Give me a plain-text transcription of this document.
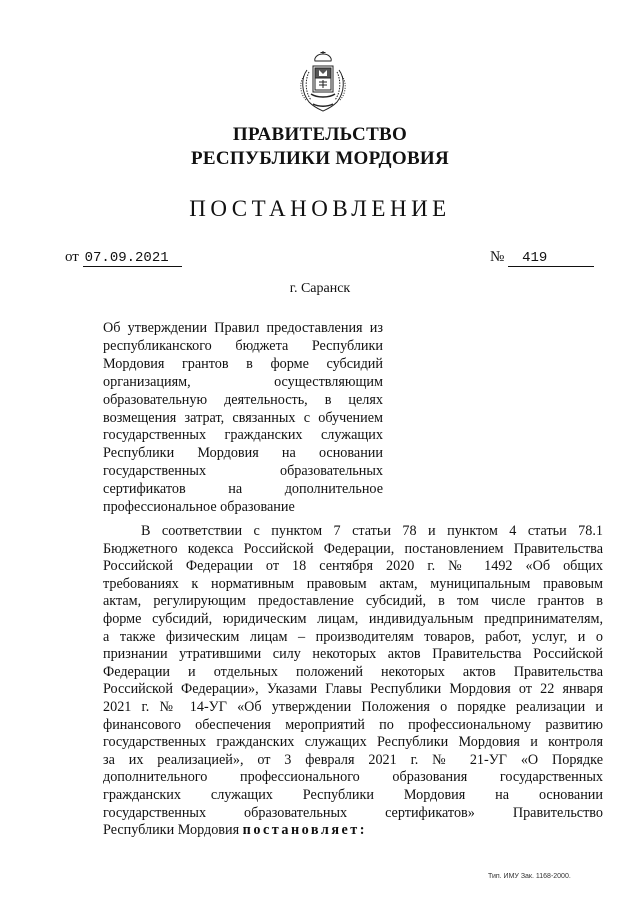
ПРАВИТЕЛЬСТВО
РЕСПУБЛИКИ МОРДОВИЯ
ПОСТАНОВЛЕНИЕ
от 07.09.2021	№ 419
г. Саранск
Об утверждении Правил предоставления из
республиканского бюджета Республики
Мордовия грантов в форме субсидий
организациям, осуществляющим
образовательную деятельность, в целях
возмещения затрат, связанных с обучением
государственных гражданских служащих
Республики Мордовия на основании
государственных образовательных
сертификатов на дополнительное
профессиональное образование
В соответствии с пунктом 7 статьи 78 и пунктом 4 статьи 78.1
Бюджетного кодекса Российской Федерации, постановлением Правительства
Российской Федерации от 18 сентября 2020 г. № 1492 «Об общих
требованиях к нормативным правовым актам, муниципальным правовым
актам, регулирующим предоставление субсидий, в том числе грантов в
форме субсидий, юридическим лицам, индивидуальным предпринимателям,
а также физическим лицам – производителям товаров, работ, услуг, и о
признании утратившими силу некоторых актов Правительства Российской
Федерации и отдельных положений некоторых актов Правительства
Российской Федерации», Указами Главы Республики Мордовия от 22 января
2021 г. № 14-УГ «Об утверждении Положения о порядке реализации и
финансового обеспечения мероприятий по профессиональному развитию
государственных гражданских служащих Республики Мордовия и контроля
за их реализацией», от 3 февраля 2021 г. № 21-УГ «О Порядке
дополнительного профессионального образования государственных
гражданских служащих Республики Мордовия на основании
государственных образовательных сертификатов» Правительство
Республики Мордовия постановляет:
Тип. ИМУ Зак. 1168-2000.
